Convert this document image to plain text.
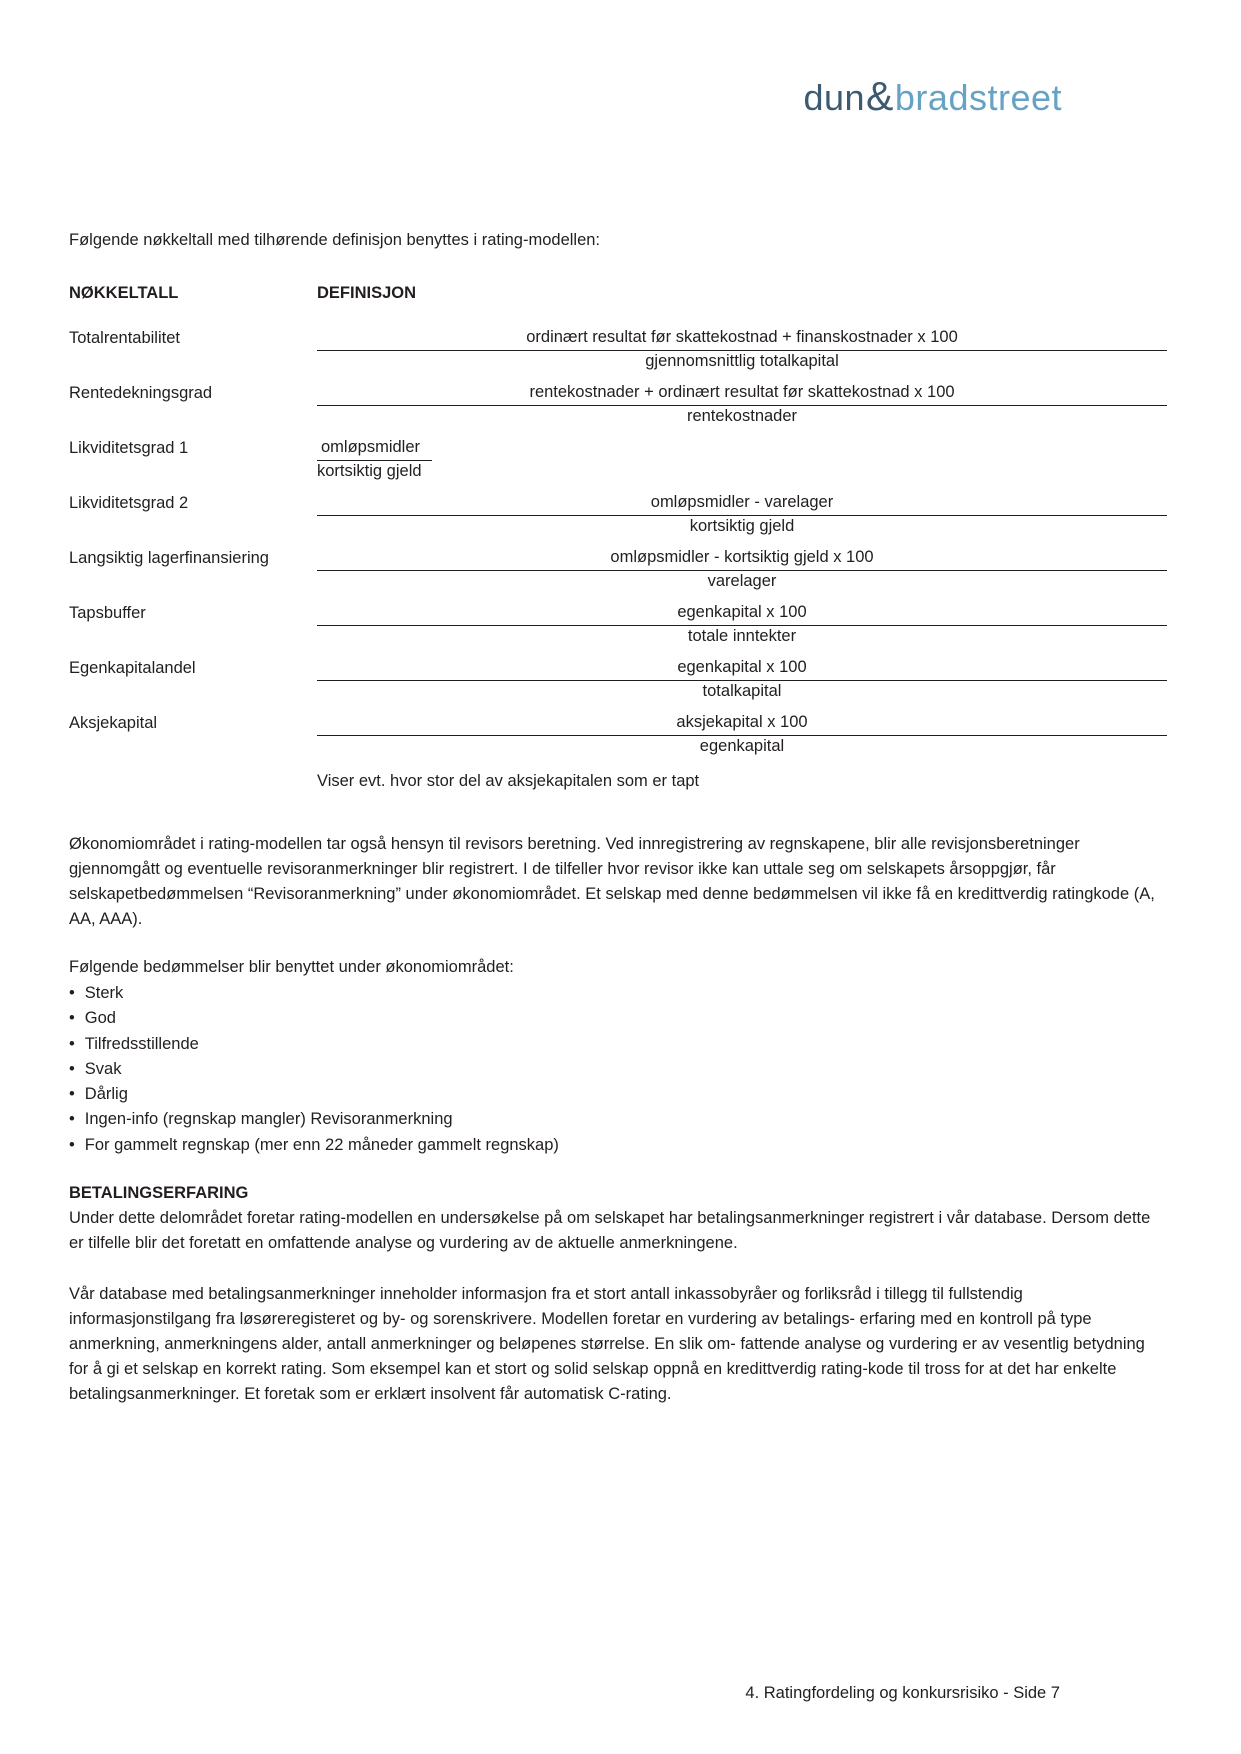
dun&bradstreet

Følgende nøkkeltall med tilhørende definisjon benyttes i rating-modellen:

NØKKELTALL	DEFINISJON
Totalrentabilitet	$\frac{\text{ordinært resultat før skattekostnad + finanskostnader x 100}}{\text{gjennomsnittlig totalkapital}}$
Rentedekningsgrad	$\frac{\text{rentekostnader + ordinært resultat før skattekostnad x 100}}{\text{rentekostnader}}$
Likviditetsgrad 1	$\frac{\text{omløpsmidler}}{\text{kortsiktig gjeld}}$
Likviditetsgrad 2	$\frac{\text{omløpsmidler - varelager}}{\text{kortsiktig gjeld}}$
Langsiktig lagerfinansiering	$\frac{\text{omløpsmidler - kortsiktig gjeld x 100}}{\text{varelager}}$
Tapsbuffer	$\frac{\text{egenkapital x 100}}{\text{totale inntekter}}$
Egenkapitalandel	$\frac{\text{egenkapital x 100}}{\text{totalkapital}}$
Aksjekapital	$\frac{\text{aksjekapital x 100}}{\text{egenkapital}}$
Viser evt. hvor stor del av aksjekapitalen som er tapt

Økonomiområdet i rating-modellen tar også hensyn til revisors beretning. Ved innregistrering av regnskapene, blir alle revisjonsberetninger gjennomgått og eventuelle revisoranmerkninger blir registrert. I de tilfeller hvor revisor ikke kan uttale seg om selskapets årsoppgjør, får selskapetbedømmelsen “Revisoranmerkning” under økonomiområdet. Et selskap med denne bedømmelsen vil ikke få en kredittverdig ratingkode (A, AA, AAA).

Følgende bedømmelser blir benyttet under økonomiområdet:

• Sterk
• God
• Tilfredsstillende
• Svak
• Dårlig
• Ingen-info (regnskap mangler) Revisoranmerkning
• For gammelt regnskap (mer enn 22 måneder gammelt regnskap)

BETALINGSERFARING

Under dette delområdet foretar rating-modellen en undersøkelse på om selskapet har betalingsanmerkninger registrert i vår database. Dersom dette er tilfelle blir det foretatt en omfattende analyse og vurdering av de aktuelle anmerkningene.

Vår database med betalingsanmerkninger inneholder informasjon fra et stort antall inkassobyråer og forliksråd i tillegg til fullstendig informasjonstilgang fra løsøreregisteret og by- og sorenskrivere. Modellen foretar en vurdering av betalings- erfaring med en kontroll på type anmerkning, anmerkningens alder, antall anmerkninger og beløpenes størrelse. En slik om- fattende analyse og vurdering er av vesentlig betydning for å gi et selskap en korrekt rating. Som eksempel kan et stort og solid selskap oppnå en kredittverdig rating-kode til tross for at det har enkelte betalingsanmerkninger. Et foretak som er erklært insolvent får automatisk C-rating.

4. Ratingfordeling og konkursrisiko - Side 7
